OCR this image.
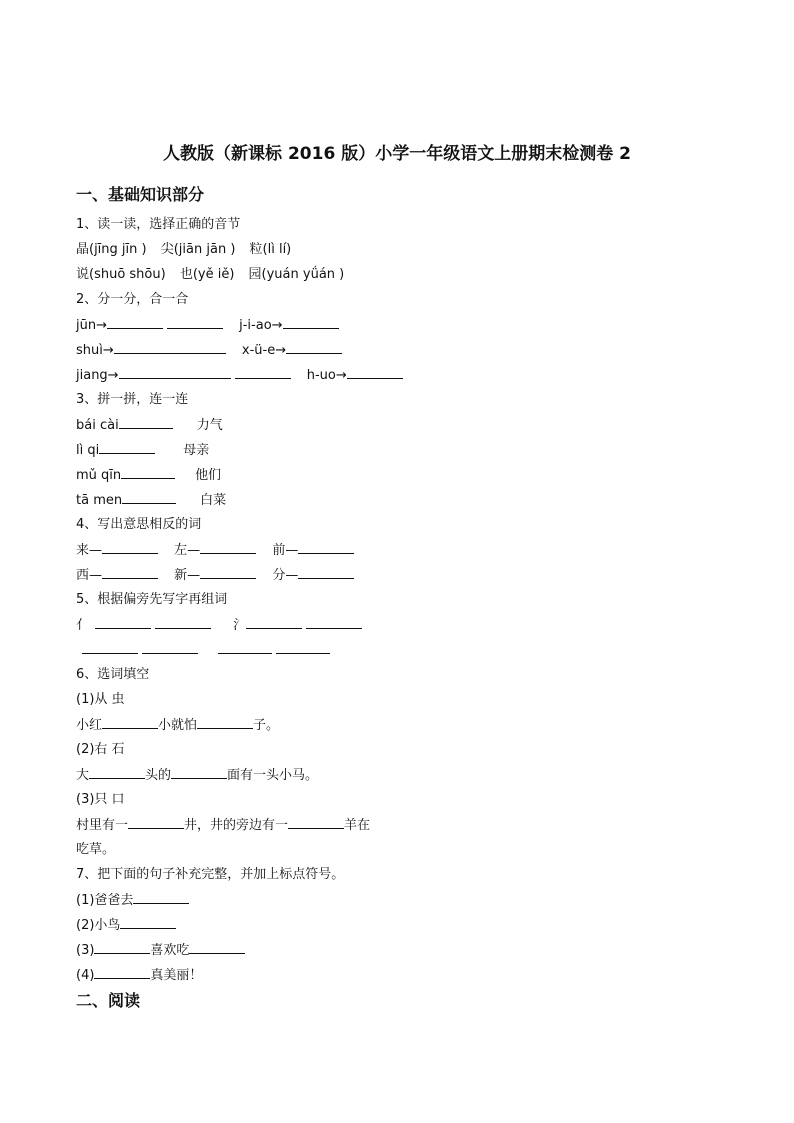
人教版（新课标 2016 版）小学一年级语文上册期末检测卷 2
一、基础知识部分
1、读一读，选择正确的音节
晶(jīng jīn ) 尖(jiān jān ) 粒(lì lí)
说(shuō shōu) 也(yě iě) 园(yuán yǘán )
2、分一分，合一合
jūn→	j-i-ao→
shuì→	x-ü-e→
jiang→	h-uo→
3、拼一拼，连一连
bái cài	力气
lì qi	母亲
mǔ qīn	他们
tā men	白菜
4、写出意思相反的词
来—	左—	前—
西—	新—	分—
5、根据偏旁先写字再组词
亻	氵
6、选词填空
(1)从 虫
小红	小就怕	子。
(2)右 石
大	头的	面有一头小马。
(3)只 口
村里有一	井，井的旁边有一	羊在
吃草。
7、把下面的句子补充完整，并加上标点符号。
(1)爸爸去
(2)小鸟
(3)	喜欢吃
(4)	真美丽！
二、阅读
